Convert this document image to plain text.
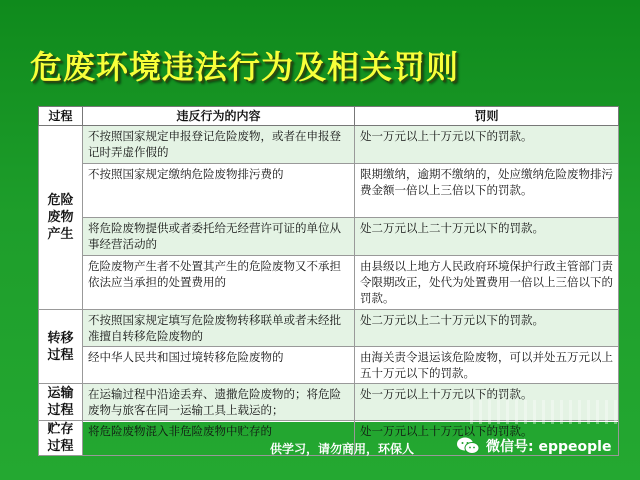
危废环境违法行为及相关罚则
过程	违反行为的内容	罚则
危险废物产生	不按照国家规定申报登记危险废物，或者在申报登记时弄虚作假的	处一万元以上十万元以下的罚款。
	不按照国家规定缴纳危险废物排污费的	限期缴纳，逾期不缴纳的，处应缴纳危险废物排污费金额一倍以上三倍以下的罚款。
	将危险废物提供或者委托给无经营许可证的单位从事经营活动的	处二万元以上二十万元以下的罚款。
	危险废物产生者不处置其产生的危险废物又不承担依法应当承担的处置费用的	由县级以上地方人民政府环境保护行政主管部门责令限期改正，处代为处置费用一倍以上三倍以下的罚款。
转移过程	不按照国家规定填写危险废物转移联单或者未经批准擅自转移危险废物的	处二万元以上二十万元以下的罚款。
	经中华人民共和国过境转移危险废物的	由海关责令退运该危险废物，可以并处五万元以上五十万元以下的罚款。
运输过程	在运输过程中沿途丢弃、遗撒危险废物的；将危险废物与旅客在同一运输工具上载运的；	处一万元以上十万元以下的罚款。
贮存过程	将危险废物混入非危险废物中贮存的	处一万元以上十万元以下的罚款。
供学习，请勿商用，环保人	微信号: eppeople
